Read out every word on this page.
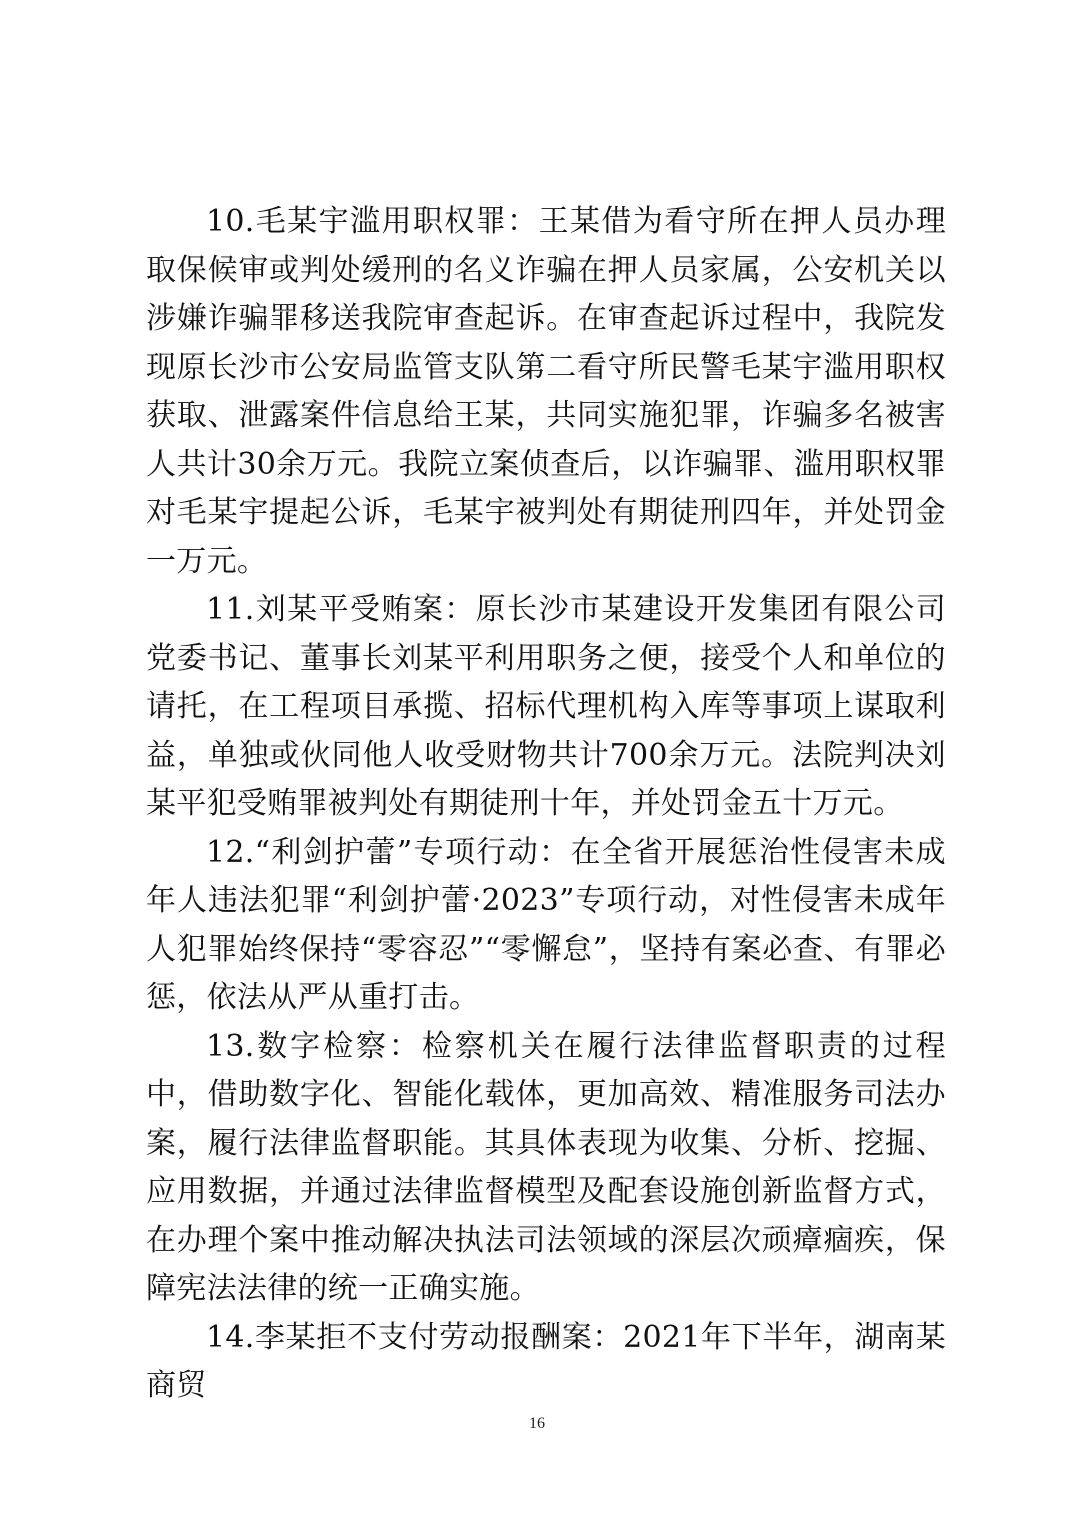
10.毛某宇滥用职权罪：王某借为看守所在押人员办理取保候审或判处缓刑的名义诈骗在押人员家属，公安机关以涉嫌诈骗罪移送我院审查起诉。在审查起诉过程中，我院发现原长沙市公安局监管支队第二看守所民警毛某宇滥用职权获取、泄露案件信息给王某，共同实施犯罪，诈骗多名被害人共计30余万元。我院立案侦查后，以诈骗罪、滥用职权罪对毛某宇提起公诉，毛某宇被判处有期徒刑四年，并处罚金一万元。

11.刘某平受贿案：原长沙市某建设开发集团有限公司党委书记、董事长刘某平利用职务之便，接受个人和单位的请托，在工程项目承揽、招标代理机构入库等事项上谋取利益，单独或伙同他人收受财物共计700余万元。法院判决刘某平犯受贿罪被判处有期徒刑十年，并处罚金五十万元。

12.“利剑护蕾”专项行动：在全省开展惩治性侵害未成年人违法犯罪“利剑护蕾·2023”专项行动，对性侵害未成年人犯罪始终保持“零容忍”“零懈怠”，坚持有案必查、有罪必惩，依法从严从重打击。

13.数字检察：检察机关在履行法律监督职责的过程中，借助数字化、智能化载体，更加高效、精准服务司法办案，履行法律监督职能。其具体表现为收集、分析、挖掘、应用数据，并通过法律监督模型及配套设施创新监督方式，在办理个案中推动解决执法司法领域的深层次顽瘴痼疾，保障宪法法律的统一正确实施。

14.李某拒不支付劳动报酬案：2021年下半年，湖南某商贸

16
